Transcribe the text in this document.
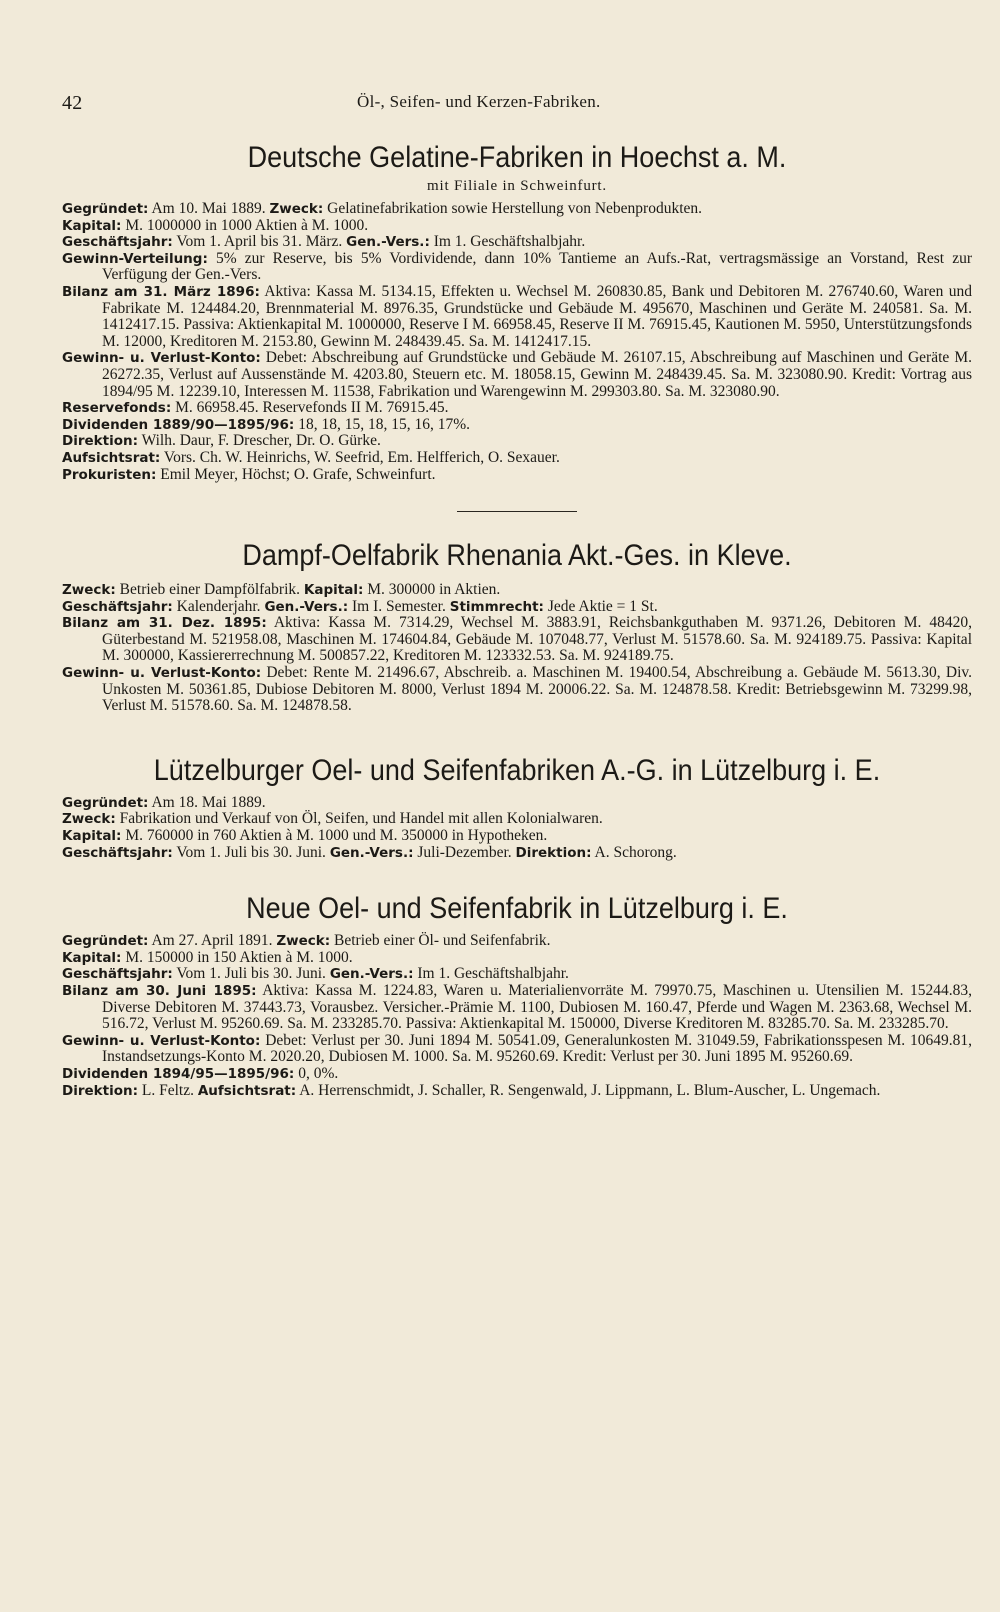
42	Öl-, Seifen- und Kerzen-Fabriken.
Deutsche Gelatine-Fabriken in Hoechst a. M.

mit Filiale in Schweinfurt.

Gegründet: Am 10. Mai 1889. Zweck: Gelatinefabrikation sowie Herstellung von Nebenprodukten.

Kapital: M. 1000000 in 1000 Aktien à M. 1000.

Geschäftsjahr: Vom 1. April bis 31. März. Gen.-Vers.: Im 1. Geschäftshalbjahr.

Gewinn-Verteilung: 5% zur Reserve, bis 5% Vordividende, dann 10% Tantieme an Aufs.-Rat, vertragsmässige an Vorstand, Rest zur Verfügung der Gen.-Vers.

Bilanz am 31. März 1896: Aktiva: Kassa M. 5134.15, Effekten u. Wechsel M. 260830.85, Bank und Debitoren M. 276740.60, Waren und Fabrikate M. 124484.20, Brennmaterial M. 8976.35, Grundstücke und Gebäude M. 495670, Maschinen und Geräte M. 240581. Sa. M. 1412417.15. Passiva: Aktienkapital M. 1000000, Reserve I M. 66958.45, Reserve II M. 76915.45, Kautionen M. 5950, Unterstützungsfonds M. 12000, Kreditoren M. 2153.80, Gewinn M. 248439.45. Sa. M. 1412417.15.

Gewinn- u. Verlust-Konto: Debet: Abschreibung auf Grundstücke und Gebäude M. 26107.15, Abschreibung auf Maschinen und Geräte M. 26272.35, Verlust auf Aussenstände M. 4203.80, Steuern etc. M. 18058.15, Gewinn M. 248439.45. Sa. M. 323080.90. Kredit: Vortrag aus 1894/95 M. 12239.10, Interessen M. 11538, Fabrikation und Warengewinn M. 299303.80. Sa. M. 323080.90.

Reservefonds: M. 66958.45. Reservefonds II M. 76915.45.

Dividenden 1889/90—1895/96: 18, 18, 15, 18, 15, 16, 17%.

Direktion: Wilh. Daur, F. Drescher, Dr. O. Gürke.

Aufsichtsrat: Vors. Ch. W. Heinrichs, W. Seefrid, Em. Helfferich, O. Sexauer.

Prokuristen: Emil Meyer, Höchst; O. Grafe, Schweinfurt.

Dampf-Oelfabrik Rhenania Akt.-Ges. in Kleve.

Zweck: Betrieb einer Dampfölfabrik. Kapital: M. 300000 in Aktien.

Geschäftsjahr: Kalenderjahr. Gen.-Vers.: Im I. Semester. Stimmrecht: Jede Aktie = 1 St.

Bilanz am 31. Dez. 1895: Aktiva: Kassa M. 7314.29, Wechsel M. 3883.91, Reichsbankguthaben M. 9371.26, Debitoren M. 48420, Güterbestand M. 521958.08, Maschinen M. 174604.84, Gebäude M. 107048.77, Verlust M. 51578.60. Sa. M. 924189.75. Passiva: Kapital M. 300000, Kassiererrechnung M. 500857.22, Kreditoren M. 123332.53. Sa. M. 924189.75.

Gewinn- u. Verlust-Konto: Debet: Rente M. 21496.67, Abschreib. a. Maschinen M. 19400.54, Abschreibung a. Gebäude M. 5613.30, Div. Unkosten M. 50361.85, Dubiose Debitoren M. 8000, Verlust 1894 M. 20006.22. Sa. M. 124878.58. Kredit: Betriebsgewinn M. 73299.98, Verlust M. 51578.60. Sa. M. 124878.58.

Lützelburger Oel- und Seifenfabriken A.-G. in Lützelburg i. E.

Gegründet: Am 18. Mai 1889.

Zweck: Fabrikation und Verkauf von Öl, Seifen, und Handel mit allen Kolonialwaren.

Kapital: M. 760000 in 760 Aktien à M. 1000 und M. 350000 in Hypotheken.

Geschäftsjahr: Vom 1. Juli bis 30. Juni. Gen.-Vers.: Juli-Dezember. Direktion: A. Schorong.

Neue Oel- und Seifenfabrik in Lützelburg i. E.

Gegründet: Am 27. April 1891. Zweck: Betrieb einer Öl- und Seifenfabrik.

Kapital: M. 150000 in 150 Aktien à M. 1000.

Geschäftsjahr: Vom 1. Juli bis 30. Juni. Gen.-Vers.: Im 1. Geschäftshalbjahr.

Bilanz am 30. Juni 1895: Aktiva: Kassa M. 1224.83, Waren u. Materialienvorräte M. 79970.75, Maschinen u. Utensilien M. 15244.83, Diverse Debitoren M. 37443.73, Vorausbez. Versicher.-Prämie M. 1100, Dubiosen M. 160.47, Pferde und Wagen M. 2363.68, Wechsel M. 516.72, Verlust M. 95260.69. Sa. M. 233285.70. Passiva: Aktienkapital M. 150000, Diverse Kreditoren M. 83285.70. Sa. M. 233285.70.

Gewinn- u. Verlust-Konto: Debet: Verlust per 30. Juni 1894 M. 50541.09, Generalunkosten M. 31049.59, Fabrikationsspesen M. 10649.81, Instandsetzungs-Konto M. 2020.20, Dubiosen M. 1000. Sa. M. 95260.69. Kredit: Verlust per 30. Juni 1895 M. 95260.69.

Dividenden 1894/95—1895/96: 0, 0%.

Direktion: L. Feltz. Aufsichtsrat: A. Herrenschmidt, J. Schaller, R. Sengenwald, J. Lippmann, L. Blum-Auscher, L. Ungemach.
